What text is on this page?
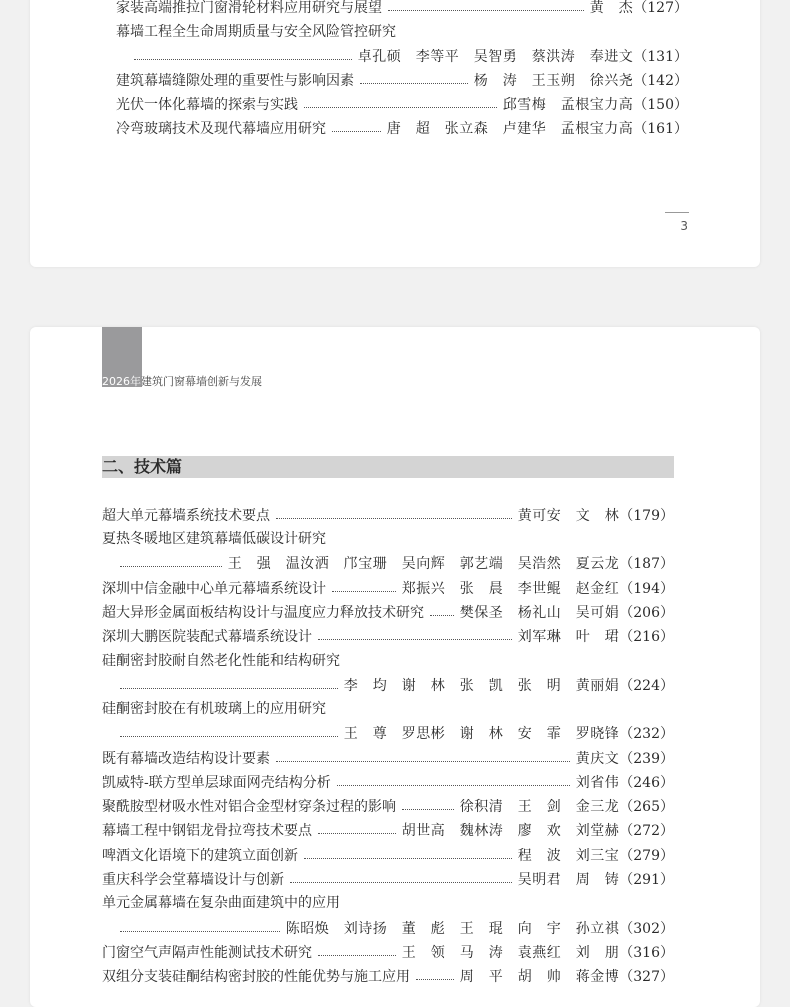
家装高端推拉门窗滑轮材料应用研究与展望	黄　杰 （127）
幕墙工程全生命周期质量与安全风险管控研究
卓孔硕　李等平　吴智勇　蔡洪涛　奉进文 （131）
建筑幕墙缝隙处理的重要性与影响因素	杨　涛　王玉朔　徐兴尧 （142）
光伏一体化幕墙的探索与实践	邱雪梅　孟根宝力高 （150）
冷弯玻璃技术及现代幕墙应用研究	唐　超　张立森　卢建华　孟根宝力高 （161）
3
2026年建筑门窗幕墙创新与发展
二、技术篇
超大单元幕墙系统技术要点	黄可安　文　林 （179）
夏热冬暖地区建筑幕墙低碳设计研究
王　强　温汝洒　邝宝珊　吴向辉　郭艺端　吴浩然　夏云龙 （187）
深圳中信金融中心单元幕墙系统设计	郑振兴　张　晨　李世鲲　赵金红 （194）
超大异形金属面板结构设计与温度应力释放技术研究	樊保圣　杨礼山　吴可娟 （206）
深圳大鹏医院装配式幕墙系统设计	刘军琳　叶　珺 （216）
硅酮密封胶耐自然老化性能和结构研究
李　均　谢　林　张　凯　张　明　黄丽娟 （224）
硅酮密封胶在有机玻璃上的应用研究
王　尊　罗思彬　谢　林　安　霏　罗晓锋 （232）
既有幕墙改造结构设计要素	黄庆文 （239）
凯威特-联方型单层球面网壳结构分析	刘省伟 （246）
聚酰胺型材吸水性对铝合金型材穿条过程的影响	徐积清　王　剑　金三龙 （265）
幕墙工程中钢铝龙骨拉弯技术要点	胡世高　魏林涛　廖　欢　刘堂赫 （272）
啤酒文化语境下的建筑立面创新	程　波　刘三宝 （279）
重庆科学会堂幕墙设计与创新	吴明君　周　铸 （291）
单元金属幕墙在复杂曲面建筑中的应用
陈昭焕　刘诗扬　董　彪　王　琨　向　宇　孙立祺 （302）
门窗空气声隔声性能测试技术研究	王　领　马　涛　袁燕红　刘　朋 （316）
双组分支装硅酮结构密封胶的性能优势与施工应用	周　平　胡　帅　蒋金博 （327）
